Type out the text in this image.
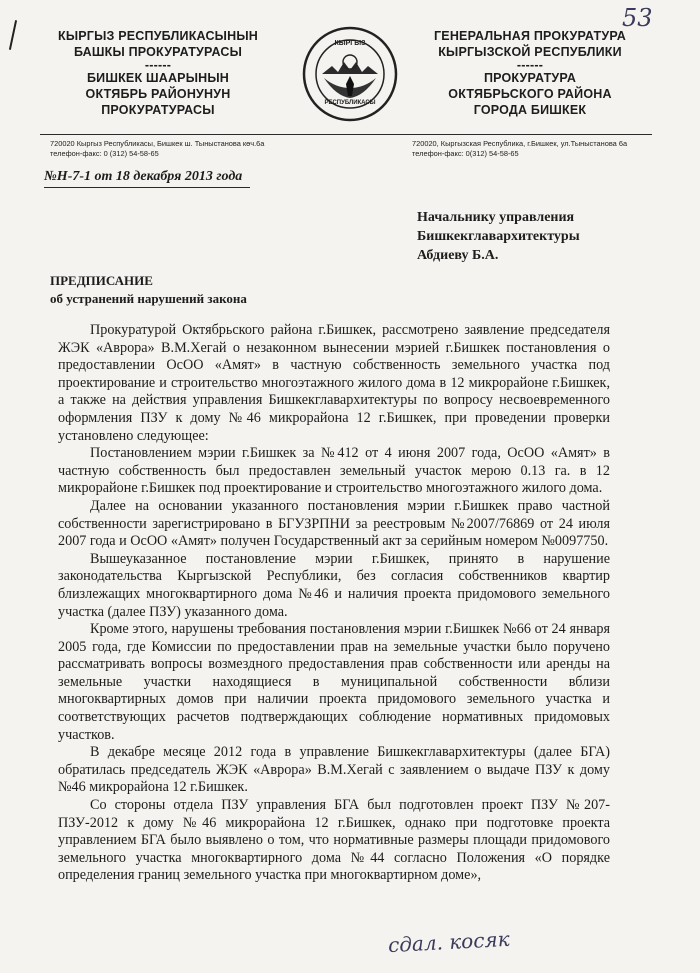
53
КЫРГЫЗ РЕСПУБЛИКАСЫНЫН
БАШКЫ ПРОКУРАТУРАСЫ
------
БИШКЕК ШААРЫНЫН
ОКТЯБРЬ РАЙОНУНУН
ПРОКУРАТУРАСЫ
КЫРГЫЗ
РЕСПУБЛИКАСЫ
ГЕНЕРАЛЬНАЯ ПРОКУРАТУРА
КЫРГЫЗСКОЙ РЕСПУБЛИКИ
------
ПРОКУРАТУРА
ОКТЯБРЬСКОГО РАЙОНА
ГОРОДА БИШКЕК
720020 Кыргыз Республикасы, Бишкек ш. Тыныстанова көч.6а
телефон-факс: 0 (312) 54-58-65
720020, Кыргызская Республика, г.Бишкек, ул.Тыныстанова 6а
телефон-факс: 0(312) 54-58-65
№Н-7-1 от 18 декабря 2013 года
Начальнику управления
Бишкекглавархитектуры
Абдиеву Б.А.
ПРЕДПИСАНИЕ
об устранений нарушений закона

Прокуратурой Октябрьского района г.Бишкек, рассмотрено заявление председателя ЖЭК «Аврора» В.М.Хегай о незаконном вынесении мэрией г.Бишкек постановления о предоставлении ОсОО «Амят» в частную собственность земельного участка под проектирование и строительство многоэтажного жилого дома в 12 микрорайоне г.Бишкек, а также на действия управления Бишкекглавархитектуры по вопросу несвоевременного оформления ПЗУ к дому №46 микрорайона 12 г.Бишкек, при проведении проверки установлено следующее:

Постановлением мэрии г.Бишкек за №412 от 4 июня 2007 года, ОсОО «Амят» в частную собственность был предоставлен земельный участок мерою 0.13 га. в 12 микрорайоне г.Бишкек под проектирование и строительство многоэтажного жилого дома.

Далее на основании указанного постановления мэрии г.Бишкек право частной собственности зарегистрировано в БГУЗРПНИ за реестровым №2007/76869 от 24 июля 2007 года и ОсОО «Амят» получен Государственный акт за серийным номером №0097750.

Вышеуказанное постановление мэрии г.Бишкек, принято в нарушение законодательства Кыргызской Республики, без согласия собственников квартир близлежащих многоквартирного дома №46 и наличия проекта придомового земельного участка (далее ПЗУ) указанного дома.

Кроме этого, нарушены требования постановления мэрии г.Бишкек №66 от 24 января 2005 года, где Комиссии по предоставлении прав на земельные участки было поручено рассматривать вопросы возмездного предоставления прав собственности или аренды на земельные участки находящиеся в муниципальной собственности вблизи многоквартирных домов при наличии проекта придомового земельного участка и соответствующих расчетов подтверждающих соблюдение нормативных придомовых участков.

В декабре месяце 2012 года в управление Бишкекглавархитектуры (далее БГА) обратилась председатель ЖЭК «Аврора» В.М.Хегай с заявлением о выдаче ПЗУ к дому №46 микрорайона 12 г.Бишкек.

Со стороны отдела ПЗУ управления БГА был подготовлен проект ПЗУ №207-ПЗУ-2012 к дому №46 микрорайона 12 г.Бишкек, однако при подготовке проекта управлением БГА было выявлено о том, что нормативные размеры площади придомового земельного участка многоквартирного дома №44 согласно Положения «О порядке определения границ земельного участка при многоквартирном доме»,

сдал. косяк
